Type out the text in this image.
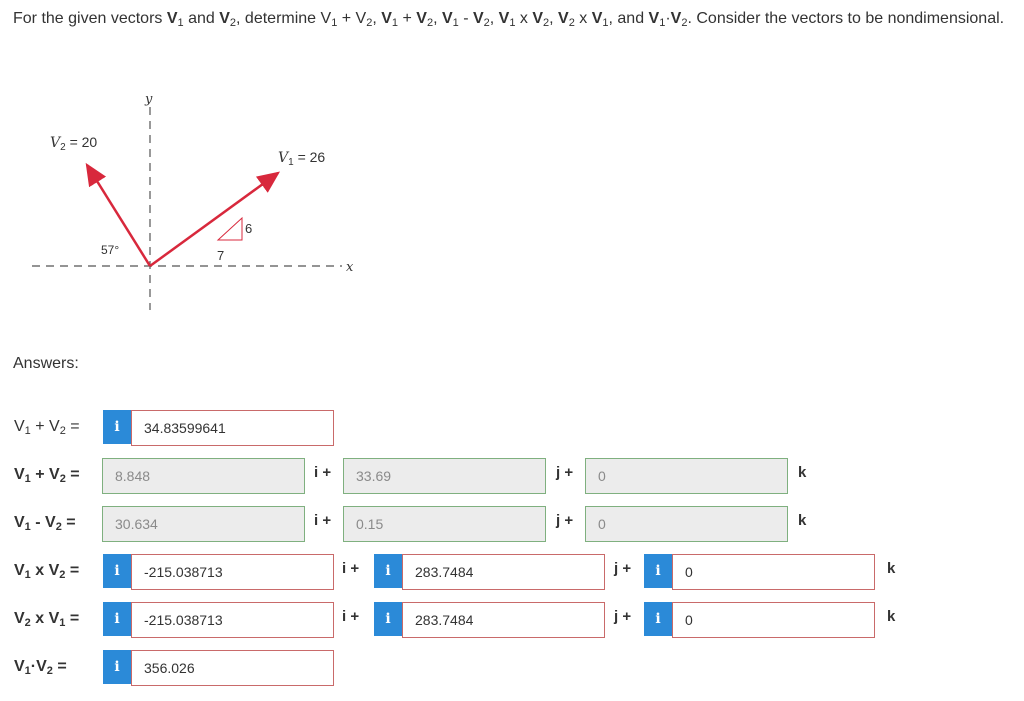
For the given vectors $V_1$ and $V_2$, determine $V_1 + V_2$, $V_1 + V_2$, $V_1 - V_2$, $V_1$ x $V_2$, $V_2$ x $V_1$, and $V_1\cdot V_2$. Consider the vectors to be nondimensional.
y
x
6
7
57°
$V_2 = 20$
$V_1 = 26$
Answers:
$V_1 + V_2$ =	i	34.83599641
$V_1 + V_2$ =	8.848	i +	33.69	j +	0	k
$V_1 - V_2$ =	30.634	i +	0.15	j +	0	k
$V_1$ x $V_2$ =	i	-215.038713	i +	i	283.7484	j +	i	0	k
$V_2$ x $V_1$ =	i	-215.038713	i +	i	283.7484	j +	i	0	k
$V_1\cdot V_2$ =	i	356.026
